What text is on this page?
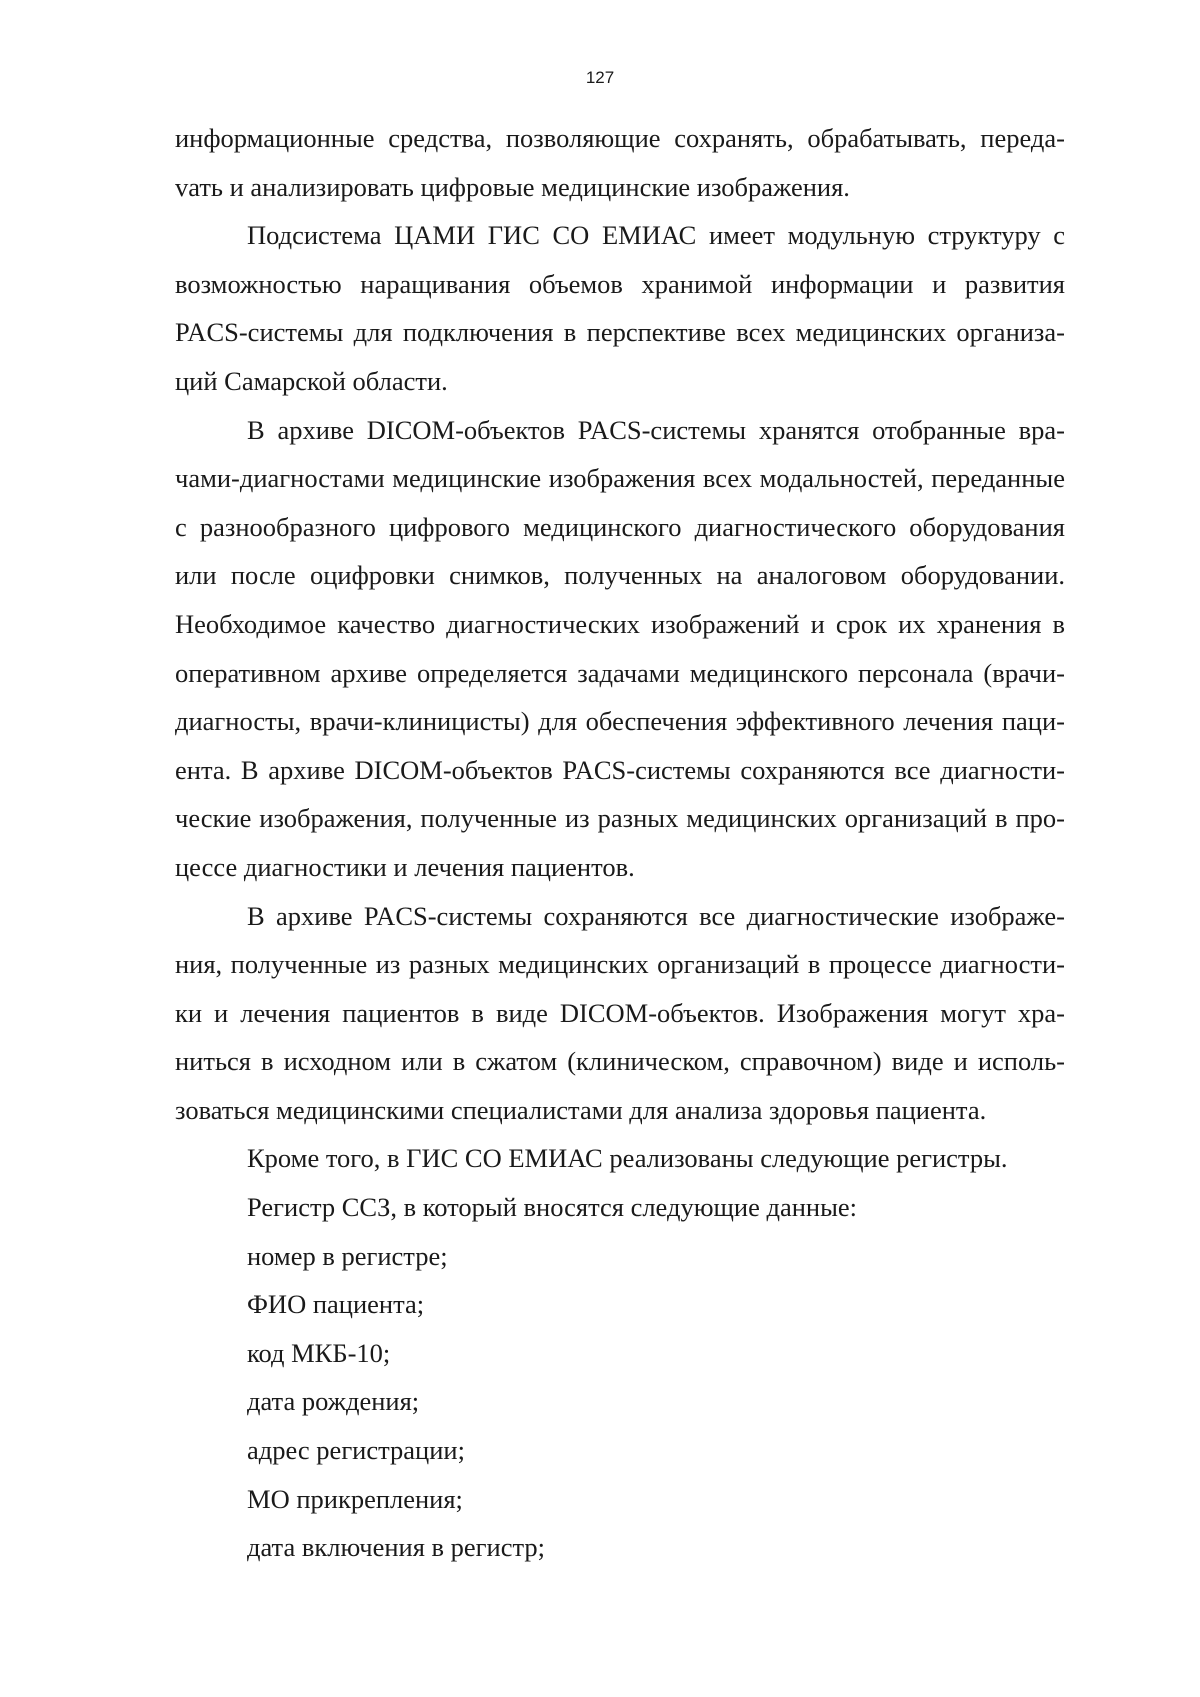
127

информационные средства, позволяющие сохранять, обрабатывать, передаvать и анализировать цифровые медицинские изображения.

Подсистема ЦАМИ ГИС СО ЕМИАС имеет модульную структуру с возможностью наращивания объемов хранимой информации и развития PACS-системы для подключения в перспективе всех медицинских организаций Самарской области.

В архиве DICOM-объектов PACS-системы хранятся отобранные врачами-диагностами медицинские изображения всех модальностей, переданные с разнообразного цифрового медицинского диагностического оборудования или после оцифровки снимков, полученных на аналоговом оборудовании. Необходимое качество диагностических изображений и срок их хранения в оперативном архиве определяется задачами медицинского персонала (врачи-диагносты, врачи-клиницисты) для обеспечения эффективного лечения пациента. В архиве DICOM-объектов PACS-системы сохраняются все диагностические изображения, полученные из разных медицинских организаций в процессе диагностики и лечения пациентов.

В архиве PACS-системы сохраняются все диагностические изображения, полученные из разных медицинских организаций в процессе диагностики и лечения пациентов в виде DICOM-объектов. Изображения могут храниться в исходном или в сжатом (клиническом, справочном) виде и использоваться медицинскими специалистами для анализа здоровья пациента.

Кроме того, в ГИС СО ЕМИАС реализованы следующие регистры.

Регистр ССЗ, в который вносятся следующие данные:

номер в регистре;

ФИО пациента;

код МКБ-10;

дата рождения;

адрес регистрации;

МО прикрепления;

дата включения в регистр;
